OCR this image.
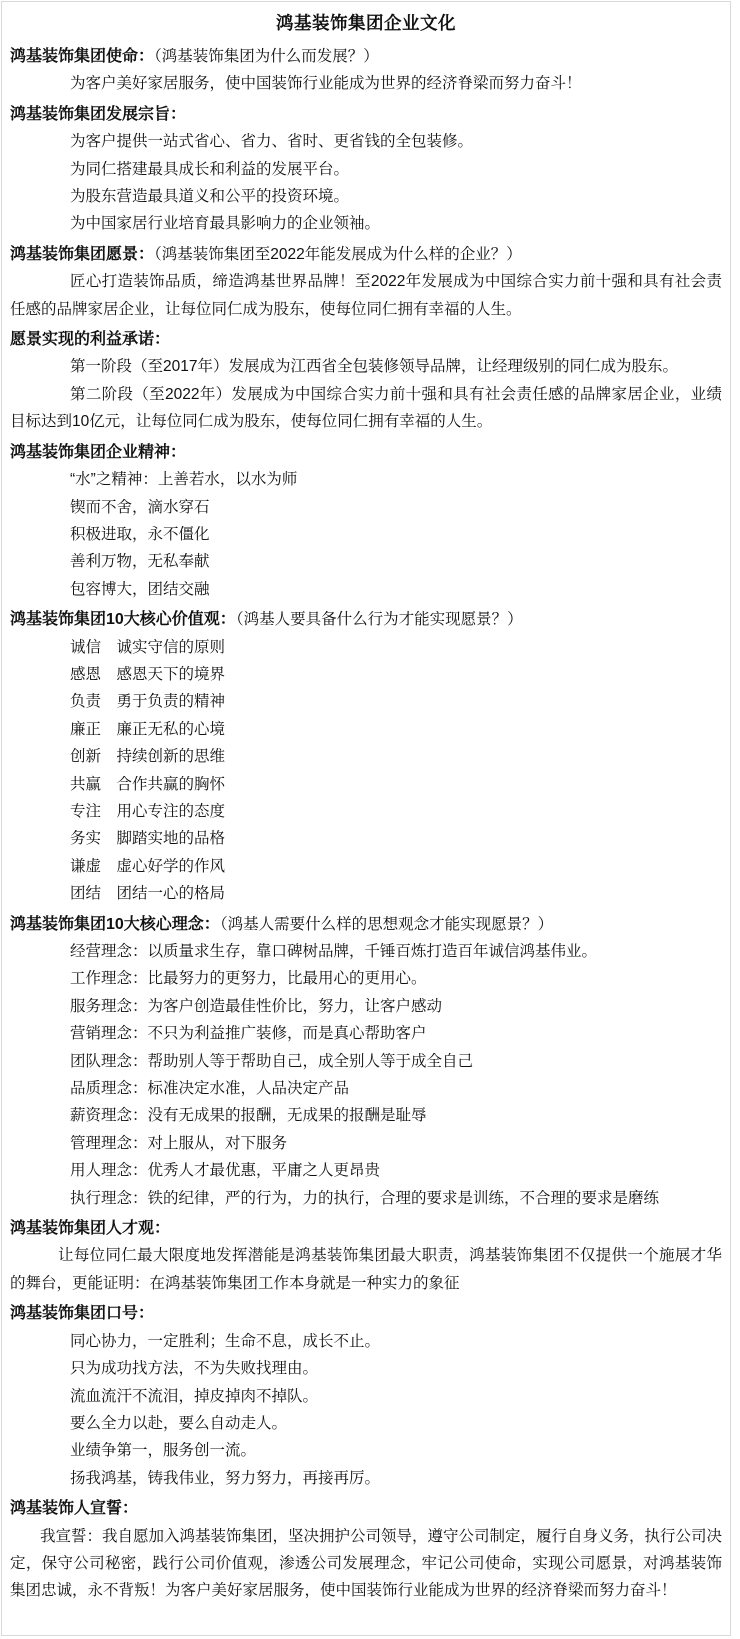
鸿基装饰集团企业文化

鸿基装饰集团使命：（鸿基装饰集团为什么而发展？）

为客户美好家居服务，使中国装饰行业能成为世界的经济脊梁而努力奋斗！

鸿基装饰集团发展宗旨：

为客户提供一站式省心、省力、省时、更省钱的全包装修。

为同仁搭建最具成长和利益的发展平台。

为股东营造最具道义和公平的投资环境。

为中国家居行业培育最具影响力的企业领袖。

鸿基装饰集团愿景：（鸿基装饰集团至2022年能发展成为什么样的企业？）

匠心打造装饰品质，缔造鸿基世界品牌！至2022年发展成为中国综合实力前十强和具有社会责任感的品牌家居企业，让每位同仁成为股东，使每位同仁拥有幸福的人生。

愿景实现的利益承诺：

第一阶段（至2017年）发展成为江西省全包装修领导品牌，让经理级别的同仁成为股东。

第二阶段（至2022年）发展成为中国综合实力前十强和具有社会责任感的品牌家居企业，业绩目标达到10亿元，让每位同仁成为股东，使每位同仁拥有幸福的人生。

鸿基装饰集团企业精神：

“水”之精神：上善若水，以水为师

锲而不舍，滴水穿石

积极进取，永不僵化

善利万物，无私奉献

包容博大，团结交融

鸿基装饰集团10大核心价值观：（鸿基人要具备什么行为才能实现愿景？）

诚信　诚实守信的原则

感恩　感恩天下的境界

负责　勇于负责的精神

廉正　廉正无私的心境

创新　持续创新的思维

共赢　合作共赢的胸怀

专注　用心专注的态度

务实　脚踏实地的品格

谦虚　虚心好学的作风

团结　团结一心的格局

鸿基装饰集团10大核心理念：（鸿基人需要什么样的思想观念才能实现愿景？）

经营理念：以质量求生存，靠口碑树品牌，千锤百炼打造百年诚信鸿基伟业。

工作理念：比最努力的更努力，比最用心的更用心。

服务理念：为客户创造最佳性价比，努力，让客户感动

营销理念：不只为利益推广装修，而是真心帮助客户

团队理念：帮助别人等于帮助自己，成全别人等于成全自己

品质理念：标准决定水准，人品决定产品

薪资理念：没有无成果的报酬，无成果的报酬是耻辱

管理理念：对上服从，对下服务

用人理念：优秀人才最优惠，平庸之人更昂贵

执行理念：铁的纪律，严的行为，力的执行，合理的要求是训练，不合理的要求是磨练

鸿基装饰集团人才观：

让每位同仁最大限度地发挥潜能是鸿基装饰集团最大职责，鸿基装饰集团不仅提供一个施展才华的舞台，更能证明：在鸿基装饰集团工作本身就是一种实力的象征

鸿基装饰集团口号：

同心协力，一定胜利；生命不息，成长不止。

只为成功找方法，不为失败找理由。

流血流汗不流泪，掉皮掉肉不掉队。

要么全力以赴，要么自动走人。

业绩争第一，服务创一流。

扬我鸿基，铸我伟业，努力努力，再接再厉。

鸿基装饰人宣誓：

我宣誓：我自愿加入鸿基装饰集团，坚决拥护公司领导，遵守公司制定，履行自身义务，执行公司决定，保守公司秘密，践行公司价值观，渗透公司发展理念，牢记公司使命，实现公司愿景，对鸿基装饰集团忠诚，永不背叛！为客户美好家居服务，使中国装饰行业能成为世界的经济脊梁而努力奋斗！
